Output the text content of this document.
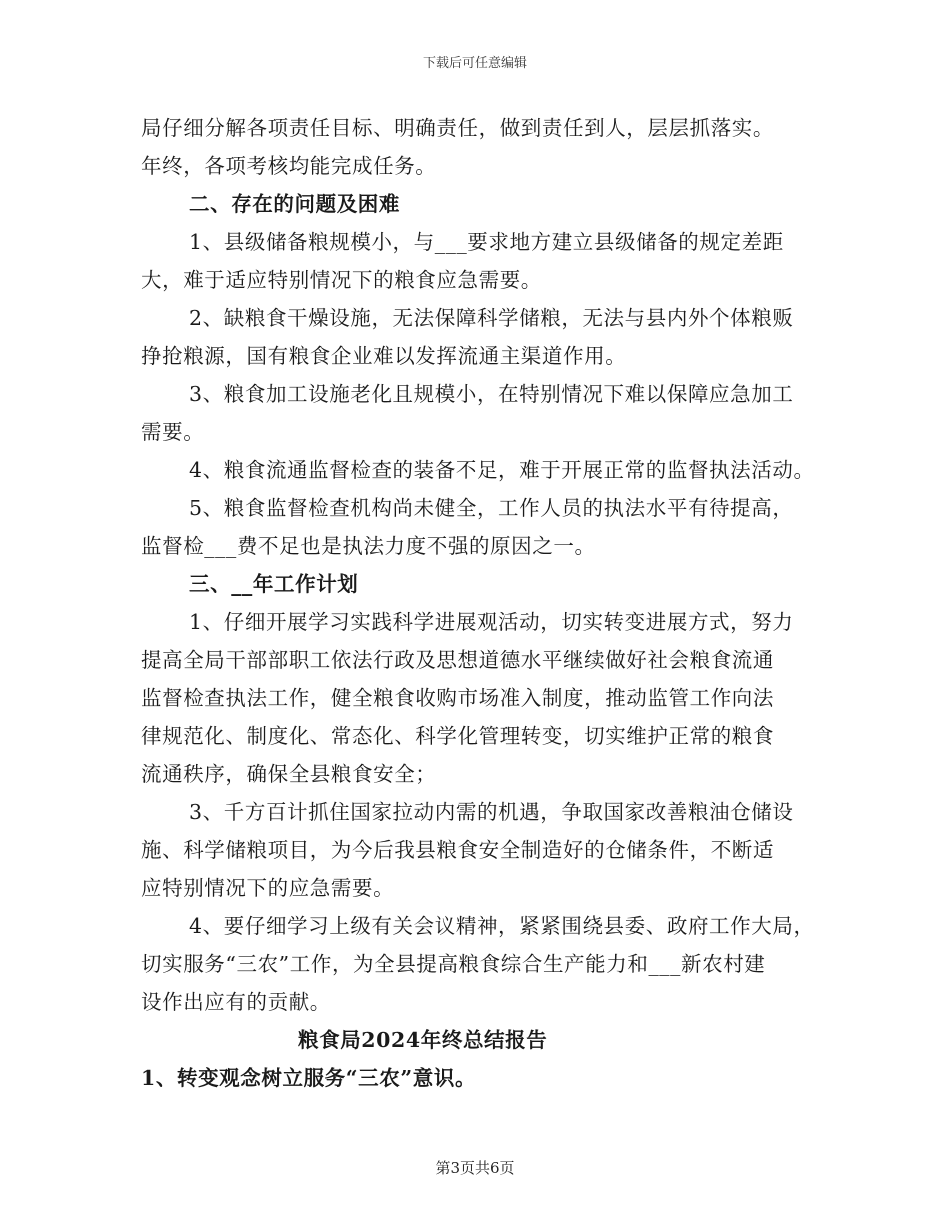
下载后可任意编辑
局仔细分解各项责任目标、明确责任，做到责任到人，层层抓落实。
年终，各项考核均能完成任务。
二、存在的问题及困难
1、县级储备粮规模小，与___要求地方建立县级储备的规定差距
大，难于适应特别情况下的粮食应急需要。
2、缺粮食干燥设施，无法保障科学储粮，无法与县内外个体粮贩
挣抢粮源，国有粮食企业难以发挥流通主渠道作用。
3、粮食加工设施老化且规模小，在特别情况下难以保障应急加工
需要。
4、粮食流通监督检查的装备不足，难于开展正常的监督执法活动。
5、粮食监督检查机构尚未健全，工作人员的执法水平有待提高，
监督检___费不足也是执法力度不强的原因之一。
三、__年工作计划
1、仔细开展学习实践科学进展观活动，切实转变进展方式，努力
提高全局干部部职工依法行政及思想道德水平继续做好社会粮食流通
监督检查执法工作，健全粮食收购市场准入制度，推动监管工作向法
律规范化、制度化、常态化、科学化管理转变，切实维护正常的粮食
流通秩序，确保全县粮食安全；
3、千方百计抓住国家拉动内需的机遇，争取国家改善粮油仓储设
施、科学储粮项目，为今后我县粮食安全制造好的仓储条件，不断适
应特别情况下的应急需要。
4、要仔细学习上级有关会议精神，紧紧围绕县委、政府工作大局，
切实服务“三农”工作，为全县提高粮食综合生产能力和___新农村建
设作出应有的贡献。
粮食局2024年终总结报告
1、转变观念树立服务“三农”意识。
第3页共6页
